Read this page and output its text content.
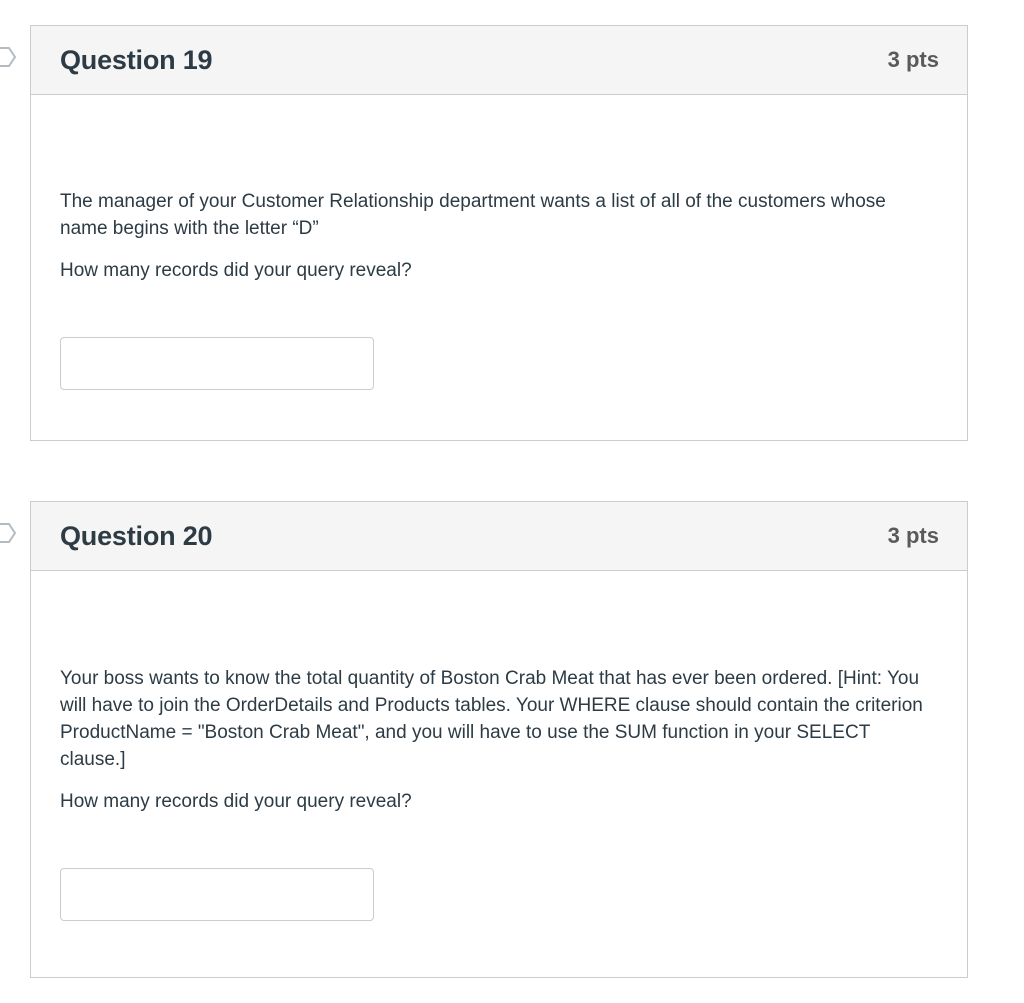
Question 19	3 pts

The manager of your Customer Relationship department wants a list of all of the customers whose name begins with the letter “D”

How many records did your query reveal?

Question 20	3 pts

Your boss wants to know the total quantity of Boston Crab Meat that has ever been ordered. [Hint: You will have to join the OrderDetails and Products tables. Your WHERE clause should contain the criterion ProductName = "Boston Crab Meat", and you will have to use the SUM function in your SELECT clause.]

How many records did your query reveal?
